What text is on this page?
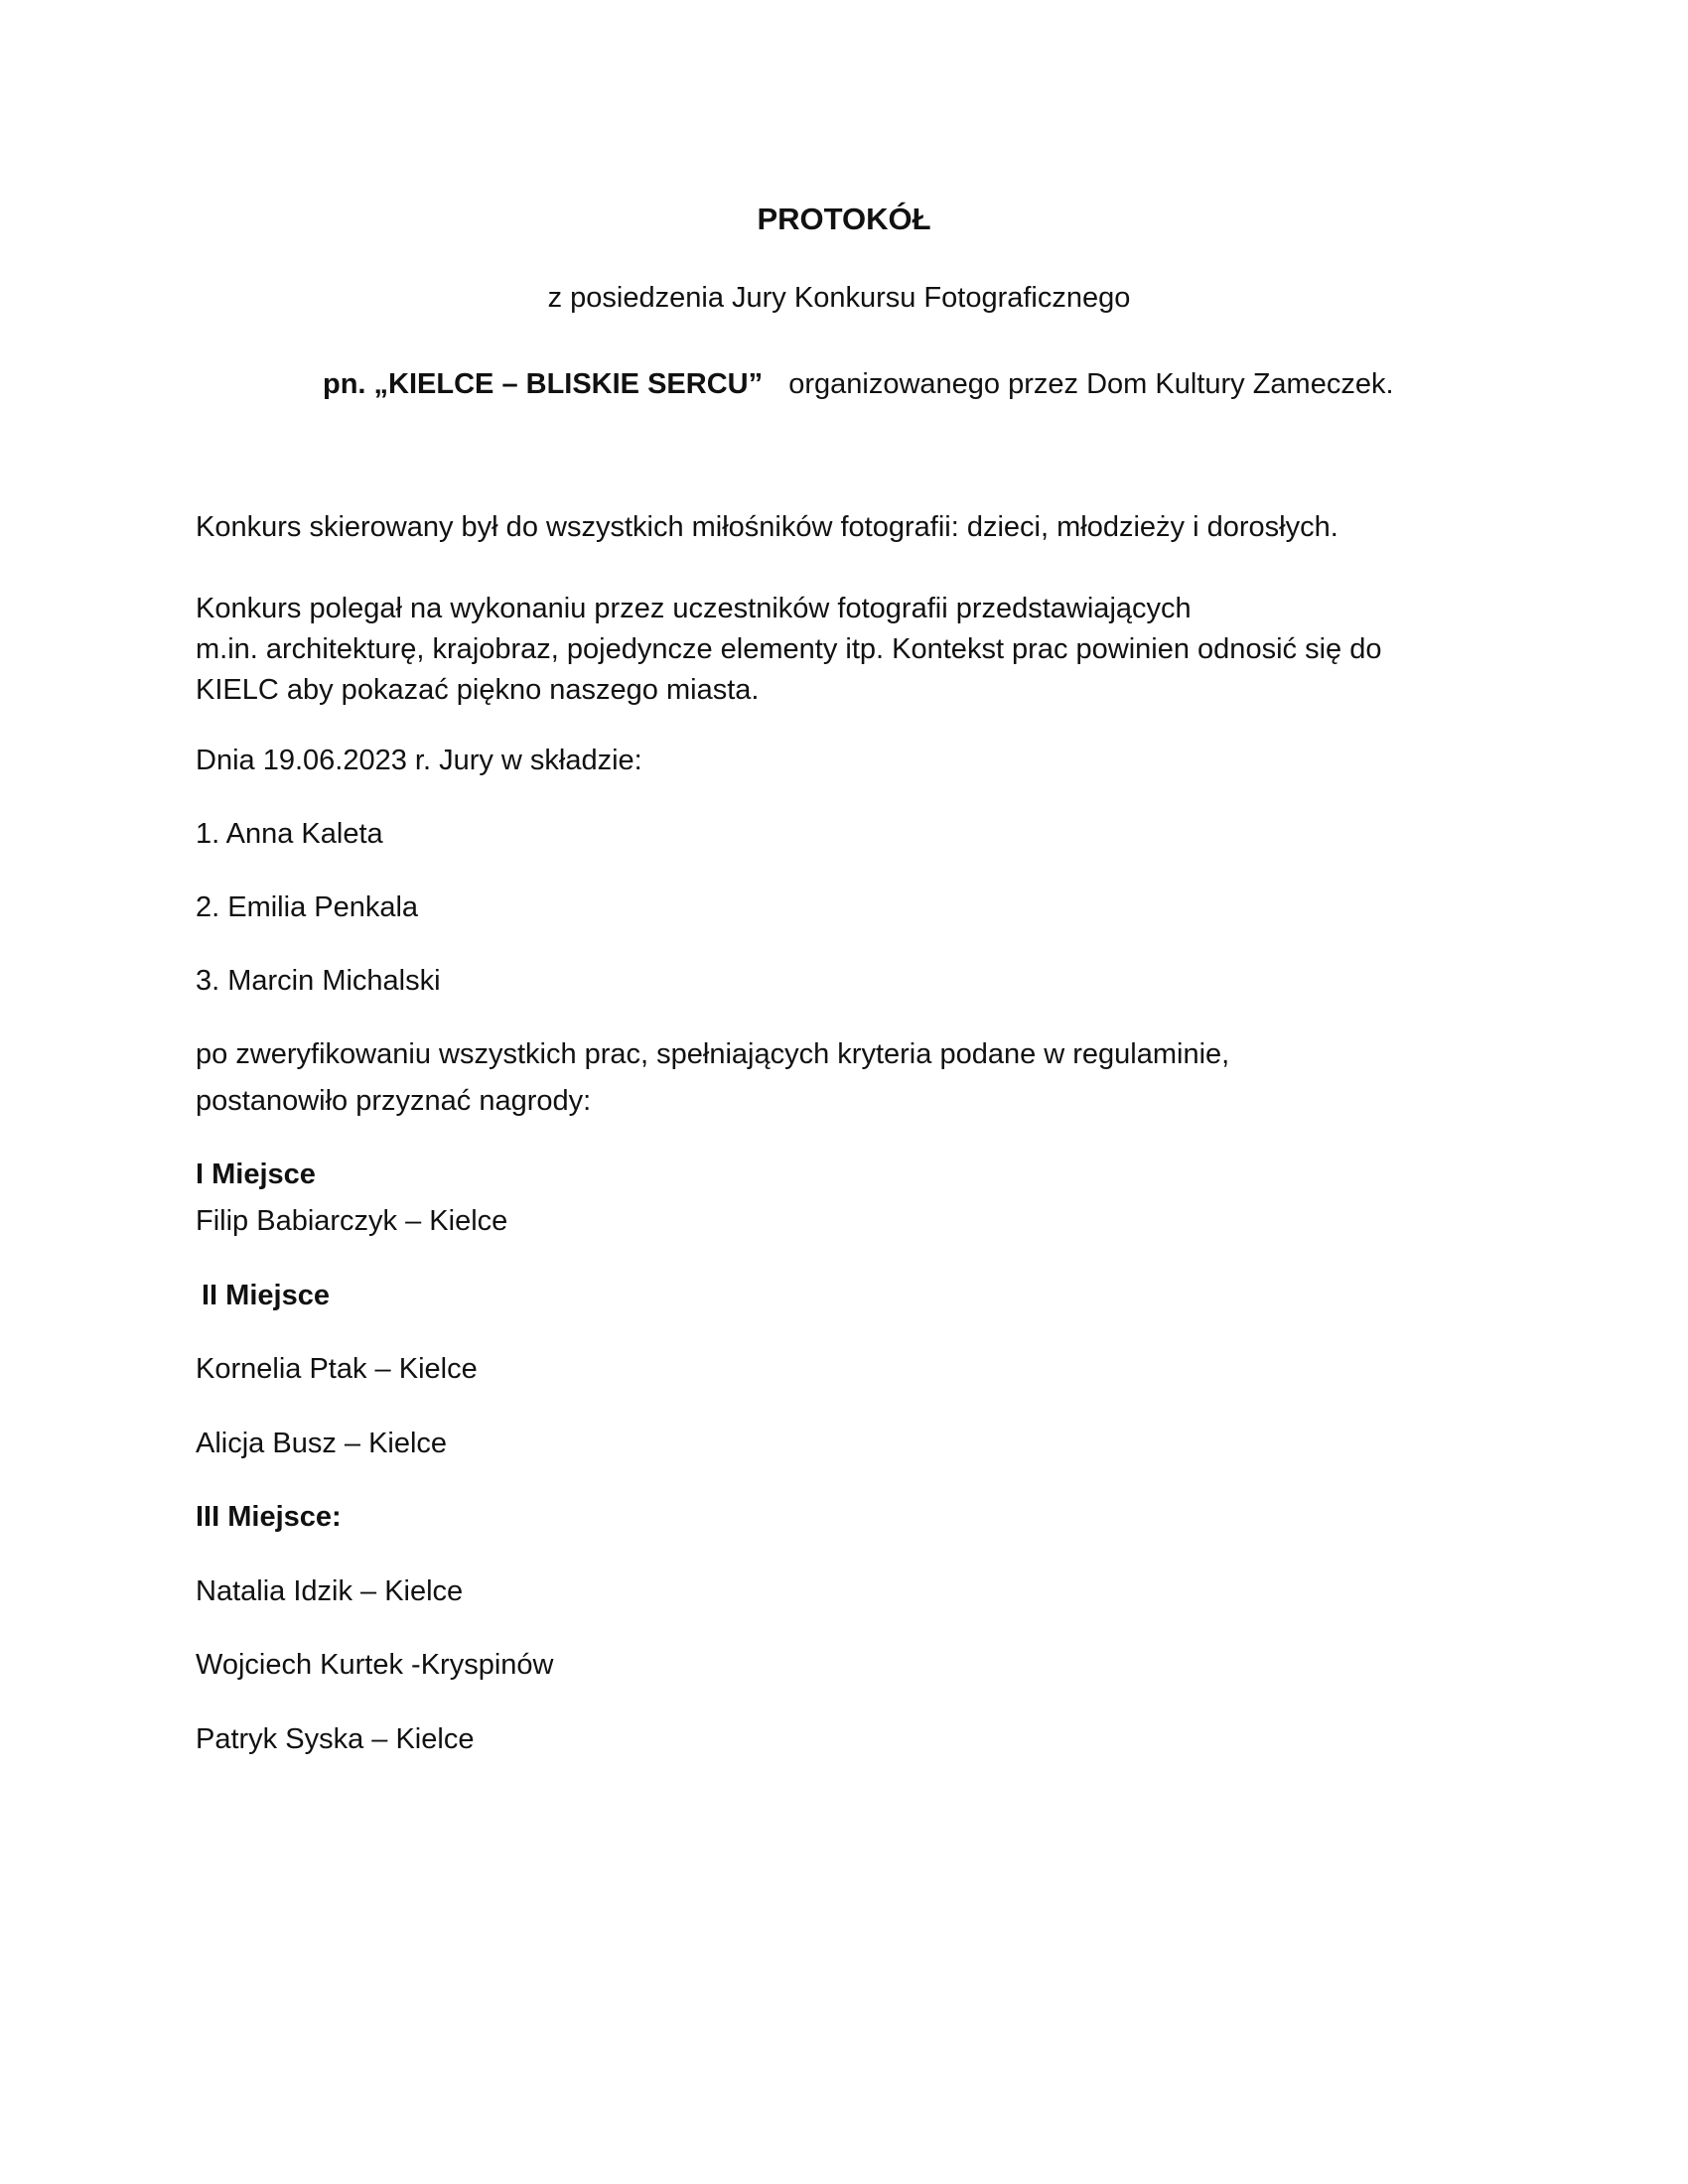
PROTOKÓŁ
z posiedzenia Jury Konkursu Fotograficznego
pn. „KIELCE – BLISKIE SERCU” organizowanego przez Dom Kultury Zameczek.
Konkurs skierowany był do wszystkich miłośników fotografii: dzieci, młodzieży i dorosłych.
Konkurs polegał na wykonaniu przez uczestników fotografii przedstawiających
m.in. architekturę, krajobraz, pojedyncze elementy itp. Kontekst prac powinien odnosić się do
KIELC aby pokazać piękno naszego miasta.
Dnia 19.06.2023 r. Jury w składzie:
1. Anna Kaleta
2. Emilia Penkala
3. Marcin Michalski
po zweryfikowaniu wszystkich prac, spełniających kryteria podane w regulaminie,
postanowiło przyznać nagrody:
I Miejsce
Filip Babiarczyk – Kielce
II Miejsce
Kornelia Ptak – Kielce
Alicja Busz – Kielce
III Miejsce:
Natalia Idzik – Kielce
Wojciech Kurtek -Kryspinów
Patryk Syska – Kielce
